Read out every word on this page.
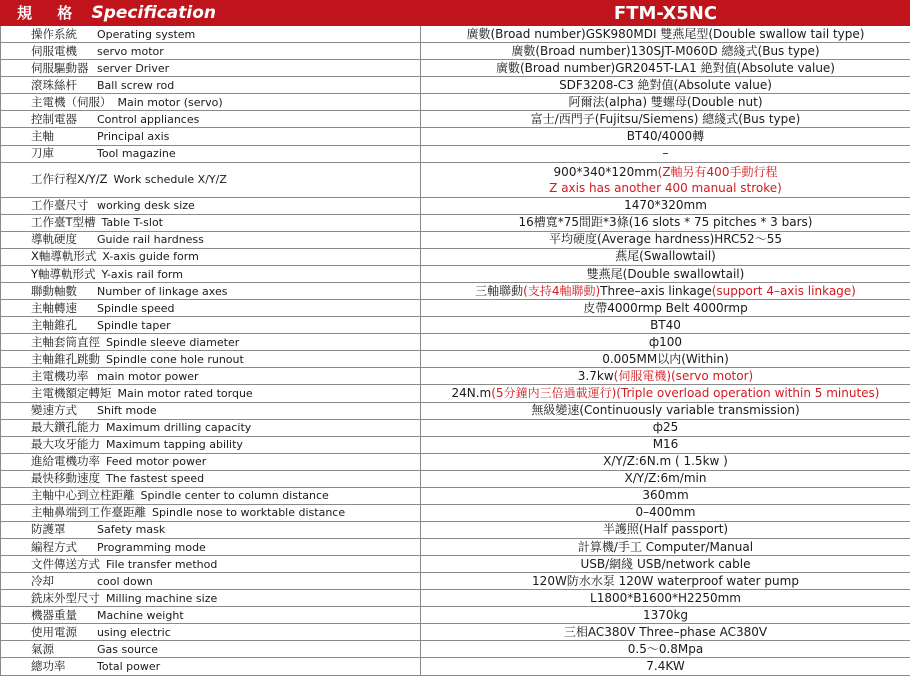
規 格 Specification	FTM-X5NC
操作系統 Operating system	廣數(Broad number)GSK980MDI 雙燕尾型(Double swallow tail type)
伺服電機 servo motor	廣數(Broad number)130SJT-M060D 總綫式(Bus type)
伺服驅動器 server Driver	廣數(Broad number)GR2045T-LA1 絶對值(Absolute value)
滾珠絲杆 Ball screw rod	SDF3208-C3 絶對值(Absolute value)
主電機（伺服） Main motor (servo)	阿爾法(alpha) 雙螺母(Double nut)
控制電器 Control appliances	富士/西門子(Fujitsu/Siemens) 總綫式(Bus type)
主軸 Principal axis	BT40/4000轉
刀庫 Tool magazine	–
工作行程X/Y/Z Work schedule X/Y/Z	900*340*120mm(Z軸另有400手動行程
Z axis has another 400 manual stroke)
工作臺尺寸 working desk size	1470*320mm
工作臺T型槽 Table T-slot	16槽寬*75間距*3條(16 slots * 75 pitches * 3 bars)
導軌硬度 Guide rail hardness	平均硬度(Average hardness)HRC52～55
X軸導軌形式 X-axis guide form	燕尾(Swallowtail)
Y軸導軌形式 Y-axis rail form	雙燕尾(Double swallowtail)
聯動軸數 Number of linkage axes	三軸聯動(支持4軸聯動)Three–axis linkage(support 4–axis linkage)
主軸轉速 Spindle speed	皮帶4000rmp Belt 4000rmp
主軸錐孔 Spindle taper	BT40
主軸套筒直徑 Spindle sleeve diameter	ф100
主軸錐孔跳動 Spindle cone hole runout	0.005MM以内(Within)
主電機功率 main motor power	3.7kw(伺服電機)(servo motor)
主電機額定轉矩 Main motor rated torque	24N.m(5分鐘内三倍過載運行)(Triple overload operation within 5 minutes)
變速方式 Shift mode	無級變速(Continuously variable transmission)
最大鑽孔能力 Maximum drilling capacity	ф25
最大攻牙能力 Maximum tapping ability	M16
進給電機功率 Feed motor power	X/Y/Z:6N.m ( 1.5kw )
最快移動速度 The fastest speed	X/Y/Z:6m/min
主軸中心到立柱距離 Spindle center to column distance	360mm
主軸鼻端到工作臺距離 Spindle nose to worktable distance	0–400mm
防護罩 Safety mask	半護照(Half passport)
編程方式 Programming mode	計算機/手工 Computer/Manual
文件傳送方式 File transfer method	USB/網綫 USB/network cable
冷却 cool down	120W防水水泵 120W waterproof water pump
銑床外型尺寸 Milling machine size	L1800*B1600*H2250mm
機器重量 Machine weight	1370kg
使用電源 using electric	三相AC380V Three–phase AC380V
氣源 Gas source	0.5～0.8Mpa
總功率 Total power	7.4KW
